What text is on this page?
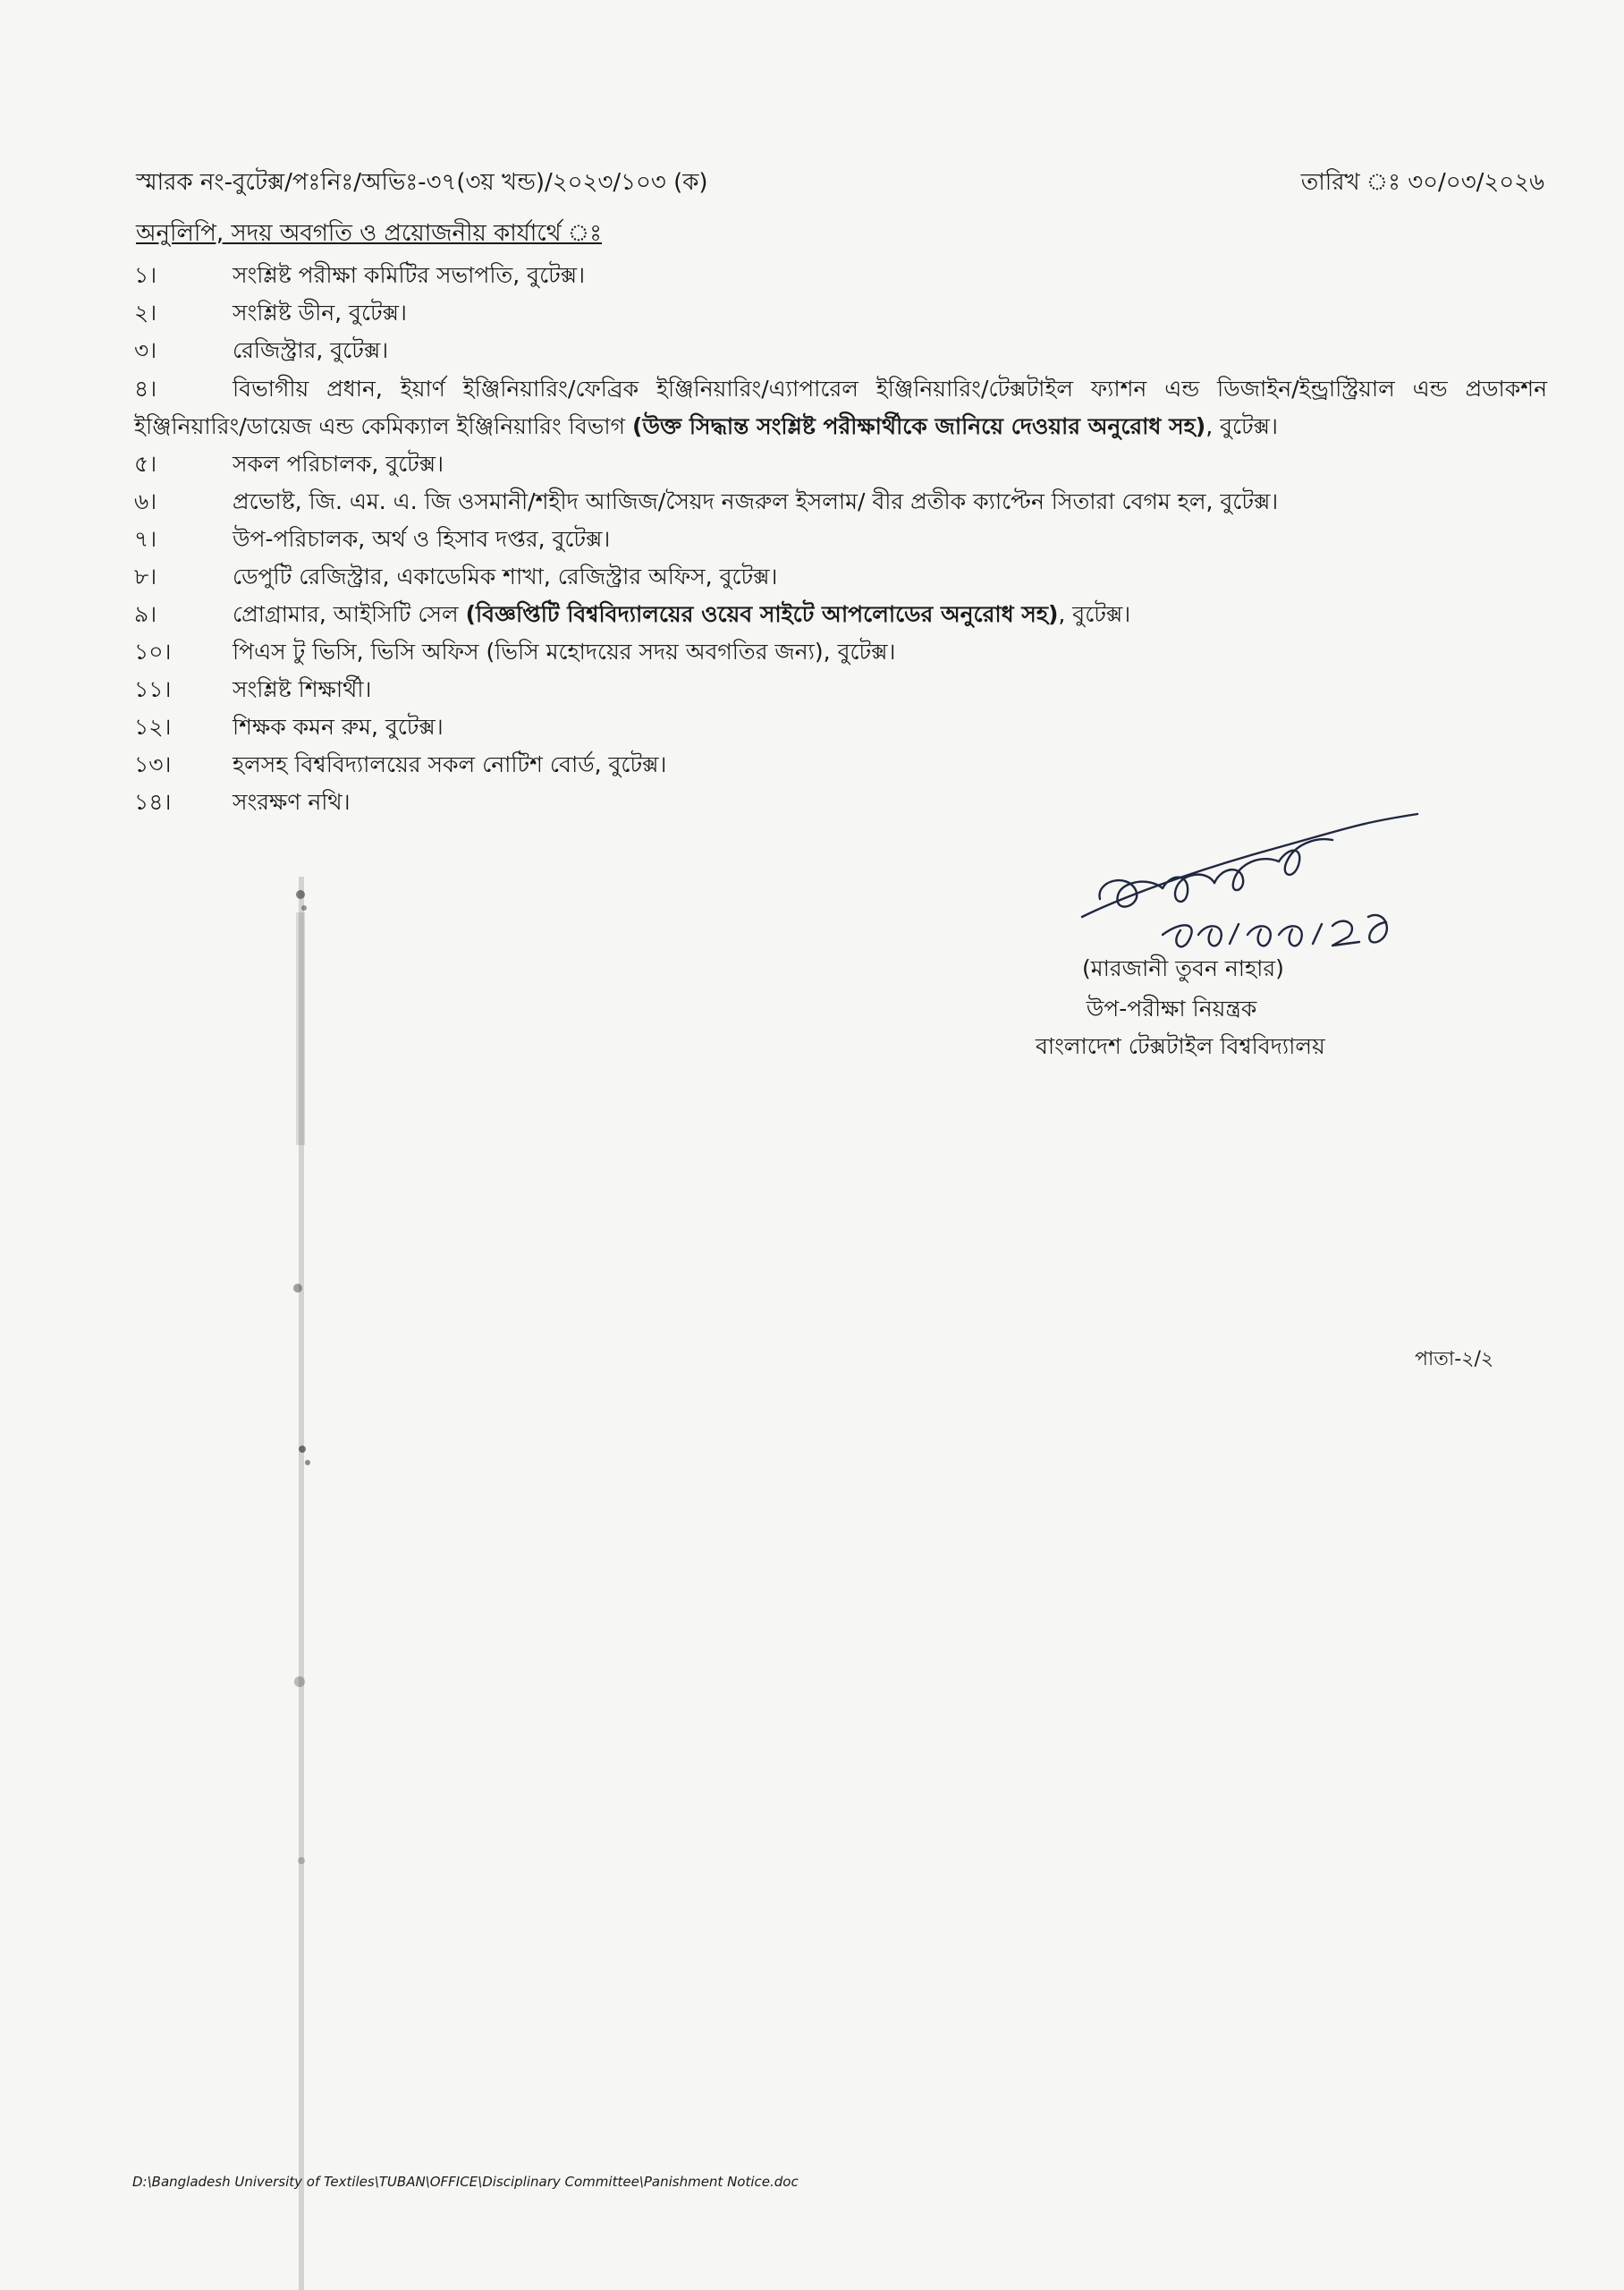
স্মারক নং-বুটেক্স/পঃনিঃ/অভিঃ-৩৭(৩য় খন্ড)/২০২৩/১০৩ (ক)	তারিখ ঃ ৩০/০৩/২০২৬
অনুলিপি, সদয় অবগতি ও প্রয়োজনীয় কার্যার্থে ঃ
১।	সংশ্লিষ্ট পরীক্ষা কমিটির সভাপতি, বুটেক্স।
২।	সংশ্লিষ্ট ডীন, বুটেক্স।
৩।	রেজিস্ট্রার, বুটেক্স।
৪।	বিভাগীয় প্রধান, ইয়ার্ণ ইঞ্জিনিয়ারিং/ফেব্রিক ইঞ্জিনিয়ারিং/এ্যাপারেল ইঞ্জিনিয়ারিং/টেক্সটাইল ফ্যাশন এন্ড ডিজাইন/ইন্ড্রাস্ট্রিয়াল এন্ড প্রডাকশন ইঞ্জিনিয়ারিং/ডায়েজ এন্ড কেমিক্যাল ইঞ্জিনিয়ারিং বিভাগ (উক্ত সিদ্ধান্ত সংশ্লিষ্ট পরীক্ষার্থীকে জানিয়ে দেওয়ার অনুরোধ সহ), বুটেক্স।
৫।	সকল পরিচালক, বুটেক্স।
৬।	প্রভোষ্ট, জি. এম. এ. জি ওসমানী/শহীদ আজিজ/সৈয়দ নজরুল ইসলাম/ বীর প্রতীক ক্যাপ্টেন সিতারা বেগম হল, বুটেক্স।
৭।	উপ-পরিচালক, অর্থ ও হিসাব দপ্তর, বুটেক্স।
৮।	ডেপুটি রেজিস্ট্রার, একাডেমিক শাখা, রেজিস্ট্রার অফিস, বুটেক্স।
৯।	প্রোগ্রামার, আইসিটি সেল (বিজ্ঞপ্তিটি বিশ্ববিদ্যালয়ের ওয়েব সাইটে আপলোডের অনুরোধ সহ), বুটেক্স।
১০।	পিএস টু ভিসি, ভিসি অফিস (ভিসি মহোদয়ের সদয় অবগতির জন্য), বুটেক্স।
১১।	সংশ্লিষ্ট শিক্ষার্থী।
১২।	শিক্ষক কমন রুম, বুটেক্স।
১৩।	হলসহ বিশ্ববিদ্যালয়ের সকল নোটিশ বোর্ড, বুটেক্স।
১৪।	সংরক্ষণ নথি।
(মারজানী তুবন নাহার)
উপ-পরীক্ষা নিয়ন্ত্রক
বাংলাদেশ টেক্সটাইল বিশ্ববিদ্যালয়
পাতা-২/২
D:\Bangladesh University of Textiles\TUBAN\OFFICE\Disciplinary Committee\Panishment Notice.doc
